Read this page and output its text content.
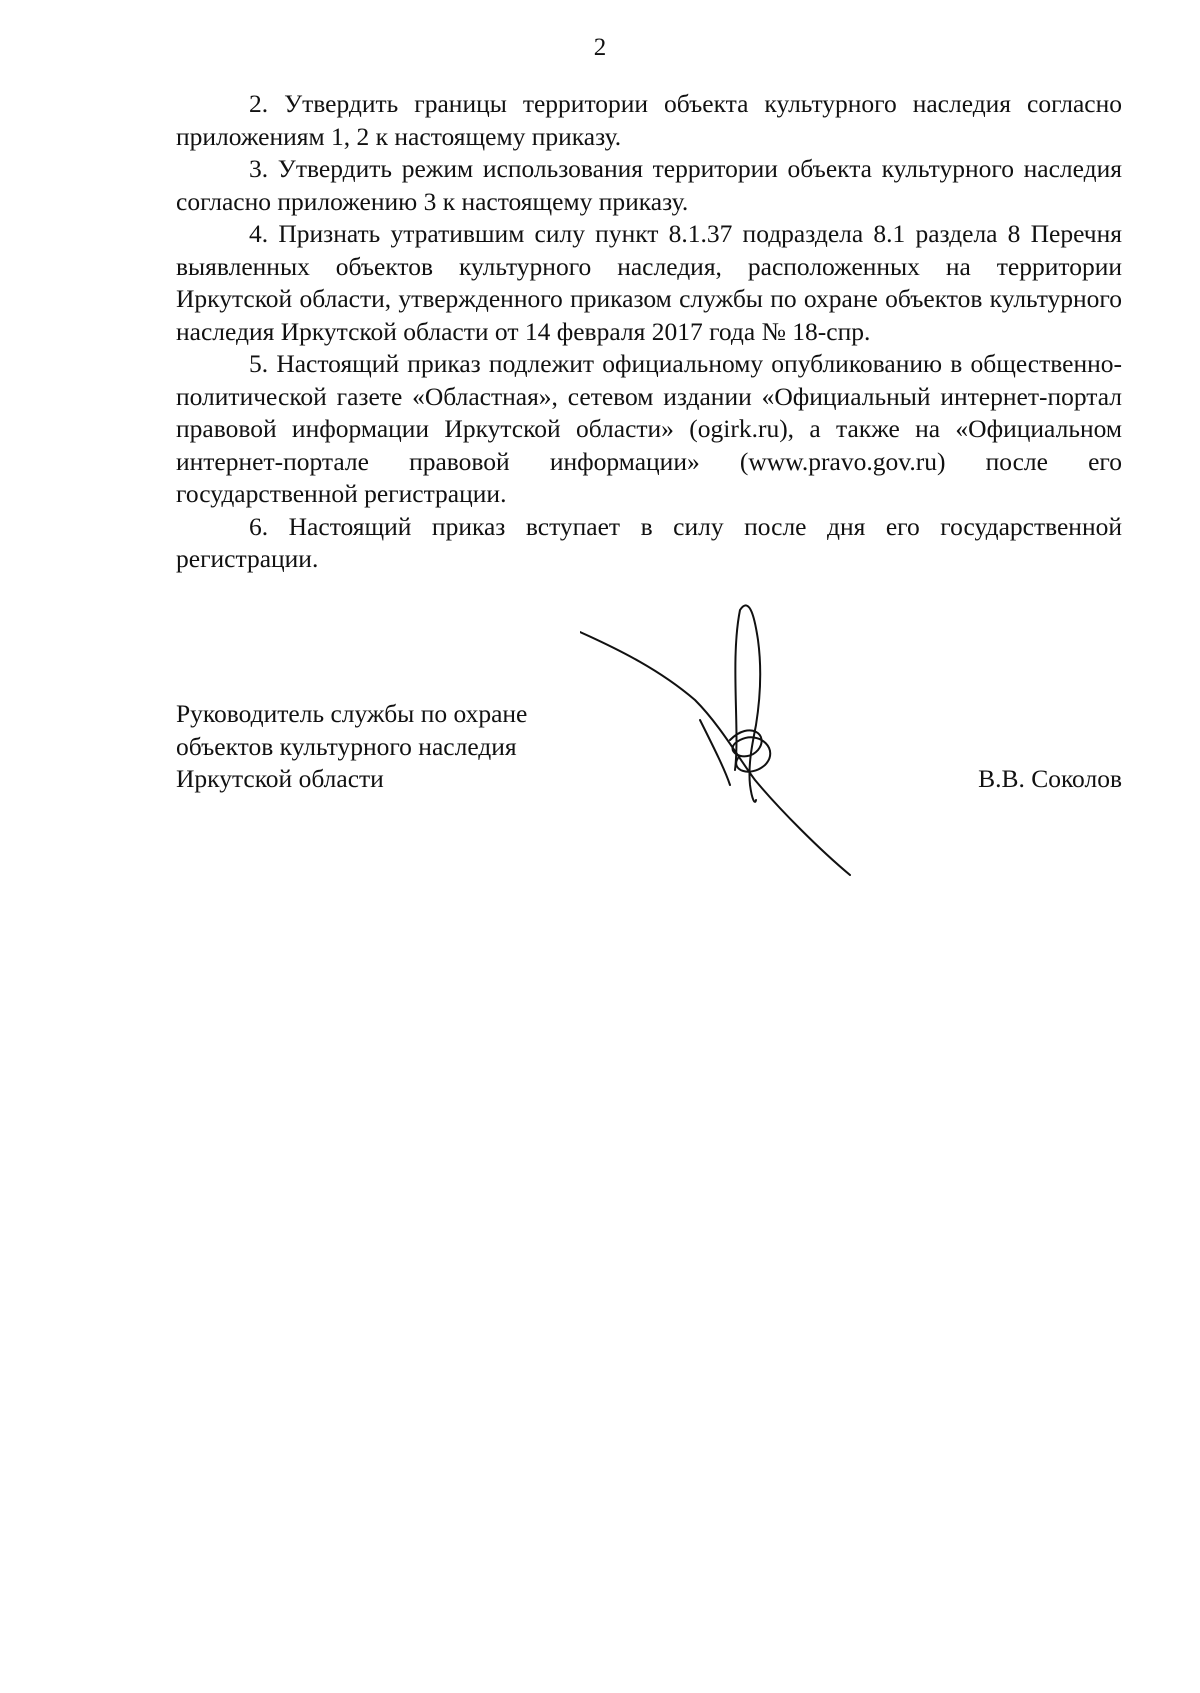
2

2. Утвердить границы территории объекта культурного наследия согласно приложениям 1, 2 к настоящему приказу.

3. Утвердить режим использования территории объекта культурного наследия согласно приложению 3 к настоящему приказу.

4. Признать утратившим силу пункт 8.1.37 подраздела 8.1 раздела 8 Перечня выявленных объектов культурного наследия, расположенных на территории Иркутской области, утвержденного приказом службы по охране объектов культурного наследия Иркутской области от 14 февраля 2017 года № 18-спр.

5. Настоящий приказ подлежит официальному опубликованию в общественно-политической газете «Областная», сетевом издании «Официальный интернет-портал правовой информации Иркутской области» (ogirk.ru), а также на «Официальном интернет-портале правовой информации» (www.pravo.gov.ru) после его государственной регистрации.

6. Настоящий приказ вступает в силу после дня его государственной регистрации.

Руководитель службы по охране
объектов культурного наследия
Иркутской области	В.В. Соколов
